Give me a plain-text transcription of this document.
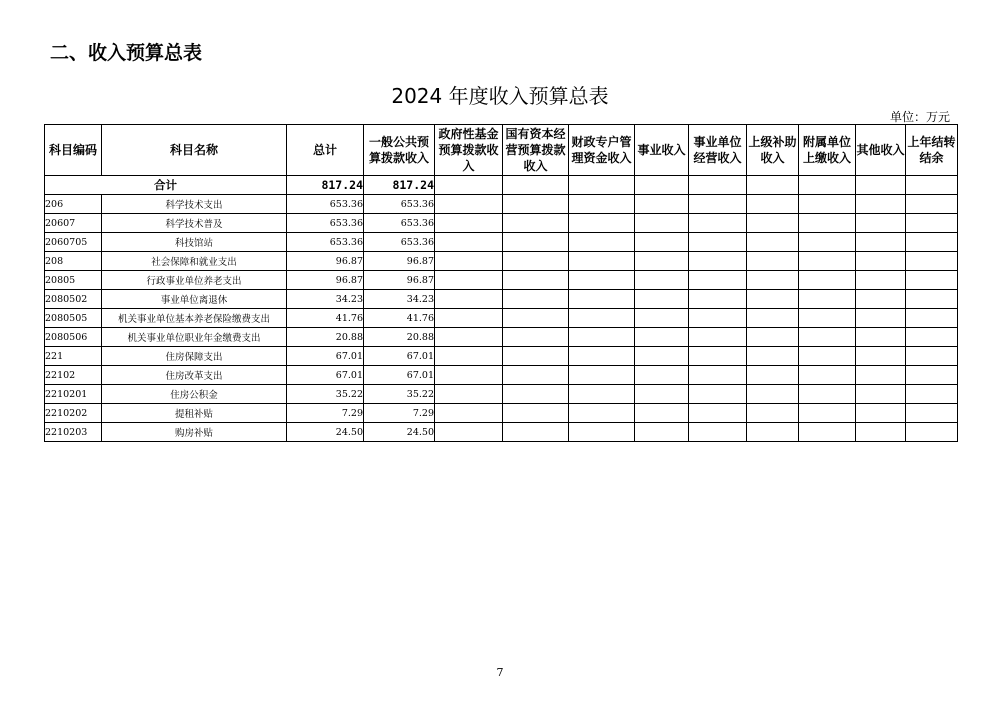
二、收入预算总表
2024 年度收入预算总表
单位：万元
科目编码	科目名称	总计	一般公共预算拨款收入	政府性基金预算拨款收入	国有资本经营预算拨款收入	财政专户管理资金收入	事业收入	事业单位经营收入	上级补助收入	附属单位上缴收入	其他收入	上年结转结余
合计		817.24	817.24									
206	科学技术支出	653.36	653.36									
20607	科学技术普及	653.36	653.36									
2060705	科技馆站	653.36	653.36									
208	社会保障和就业支出	96.87	96.87									
20805	行政事业单位养老支出	96.87	96.87									
2080502	事业单位离退休	34.23	34.23									
2080505	机关事业单位基本养老保险缴费支出	41.76	41.76									
2080506	机关事业单位职业年金缴费支出	20.88	20.88									
221	住房保障支出	67.01	67.01									
22102	住房改革支出	67.01	67.01									
2210201	住房公积金	35.22	35.22									
2210202	提租补贴	7.29	7.29									
2210203	购房补贴	24.50	24.50									
7
